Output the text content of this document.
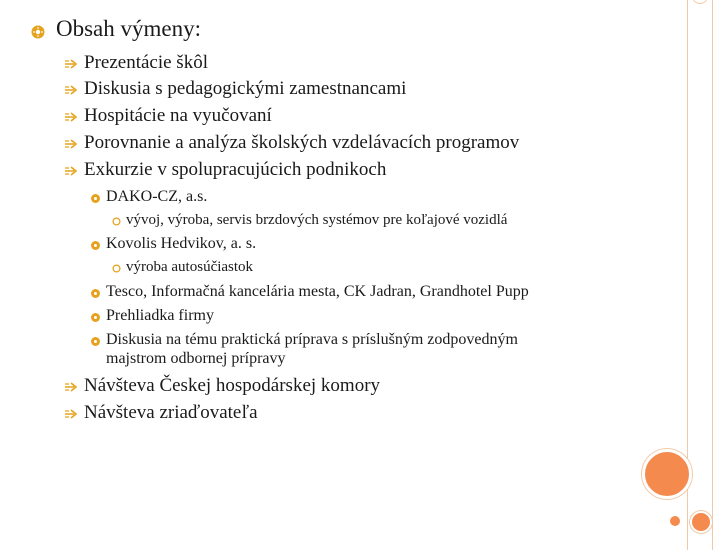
Obsah výmeny:
Prezentácie škôl
Diskusia s pedagogickými zamestnancami
Hospitácie na vyučovaní
Porovnanie a analýza školských vzdelávacích programov
Exkurzie v spolupracujúcich podnikoch
DAKO-CZ, a.s.
vývoj, výroba, servis brzdových systémov pre koľajové vozidlá
Kovolis Hedvikov, a. s.
výroba autosúčiastok
Tesco, Informačná kancelária mesta, CK Jadran, Grandhotel Pupp
Prehliadka firmy
Diskusia na tému praktická príprava s príslušným zodpovedným
majstrom odbornej prípravy
Návšteva Českej hospodárskej komory
Návšteva zriaďovateľa
